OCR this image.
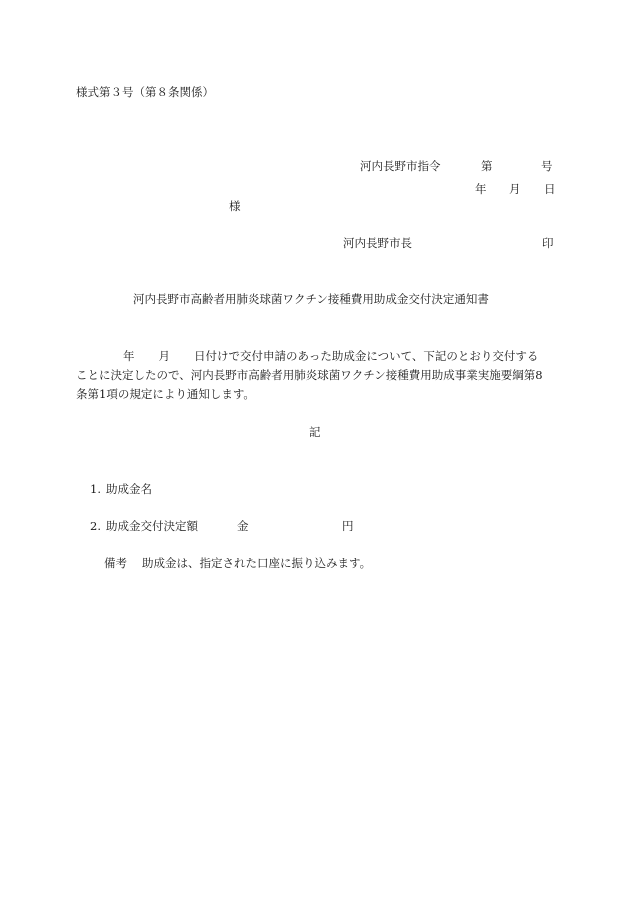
様式第３号（第８条関係）
河内長野市指令	第	号
年 月 日
様
河内長野市長	印
河内長野市高齢者用肺炎球菌ワクチン接種費用助成金交付決定通知書
年 月 日付けで交付申請のあった助成金について、下記のとおり交付する
ことに決定したので、河内長野市高齢者用肺炎球菌ワクチン接種費用助成事業実施要綱第8
条第1項の規定により通知します。
記
1. 助成金名
2. 助成金交付決定額	金	円
備考 助成金は、指定された口座に振り込みます。
